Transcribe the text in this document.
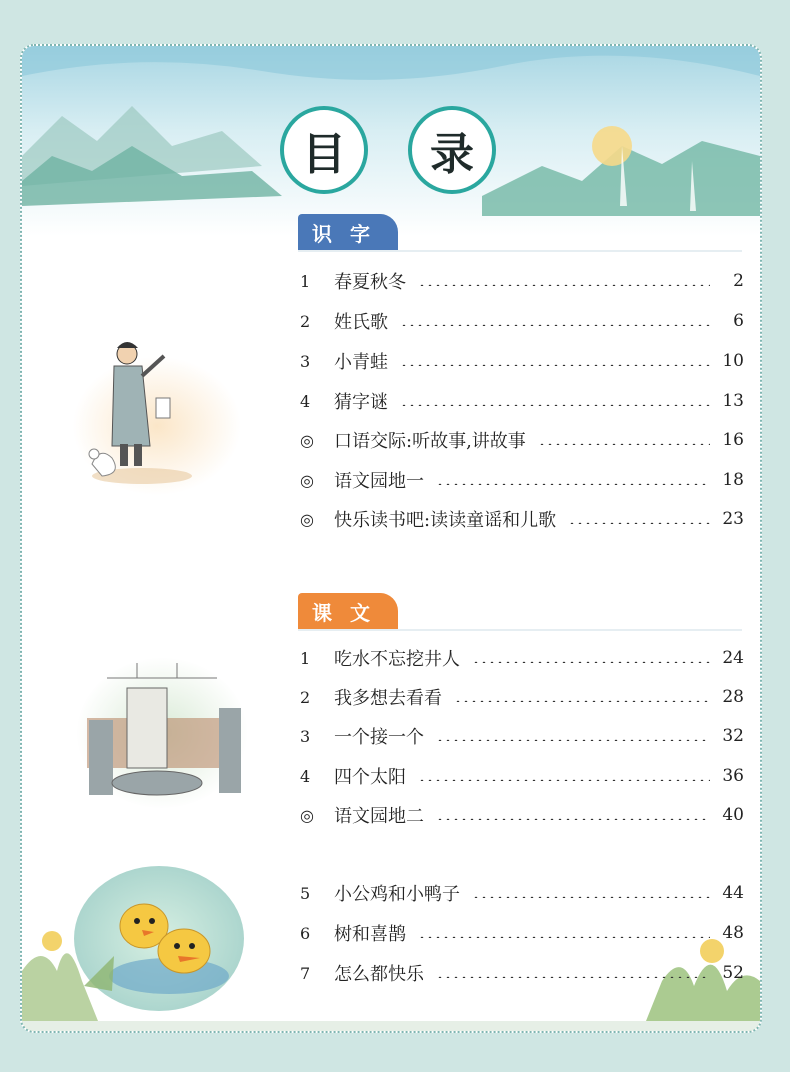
目	录
识字
1	春夏秋冬	2
2	姓氏歌	6
3	小青蛙	10
4	猜字谜	13
◎	口语交际:听故事,讲故事	16
◎	语文园地一	18
◎	快乐读书吧:读读童谣和儿歌	23
课文
1	吃水不忘挖井人	24
2	我多想去看看	28
3	一个接一个	32
4	四个太阳	36
◎	语文园地二	40
5	小公鸡和小鸭子	44
6	树和喜鹊	48
7	怎么都快乐	52
